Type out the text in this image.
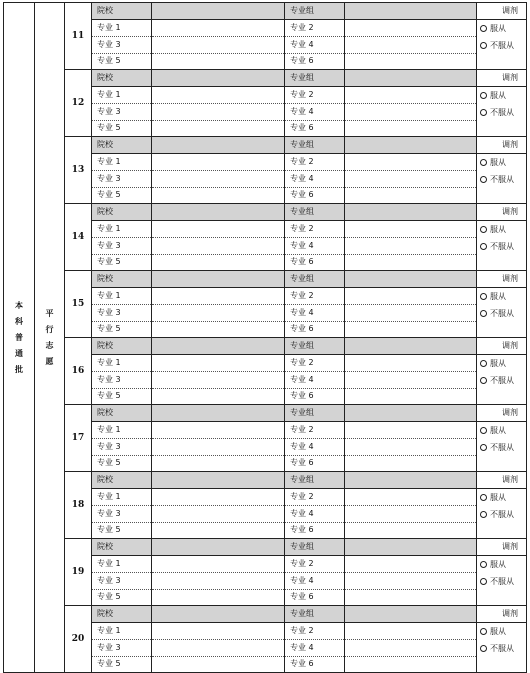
本
科
普
通
批	平
行
志
愿	11	院校		专业组		调剂
			专业 1		专业 2		服从
不服从

			专业 3		专业 4		
			专业 5		专业 6		
		12	院校		专业组		调剂
			专业 1		专业 2		服从
不服从

			专业 3		专业 4		
			专业 5		专业 6		
		13	院校		专业组		调剂
			专业 1		专业 2		服从
不服从

			专业 3		专业 4		
			专业 5		专业 6		
		14	院校		专业组		调剂
			专业 1		专业 2		服从
不服从

			专业 3		专业 4		
			专业 5		专业 6		
		15	院校		专业组		调剂
			专业 1		专业 2		服从
不服从

			专业 3		专业 4		
			专业 5		专业 6		
		16	院校		专业组		调剂
			专业 1		专业 2		服从
不服从

			专业 3		专业 4		
			专业 5		专业 6		
		17	院校		专业组		调剂
			专业 1		专业 2		服从
不服从

			专业 3		专业 4		
			专业 5		专业 6		
		18	院校		专业组		调剂
			专业 1		专业 2		服从
不服从

			专业 3		专业 4		
			专业 5		专业 6		
		19	院校		专业组		调剂
			专业 1		专业 2		服从
不服从

			专业 3		专业 4		
			专业 5		专业 6		
		20	院校		专业组		调剂
			专业 1		专业 2		服从
不服从

			专业 3		专业 4		
			专业 5		专业 6		
